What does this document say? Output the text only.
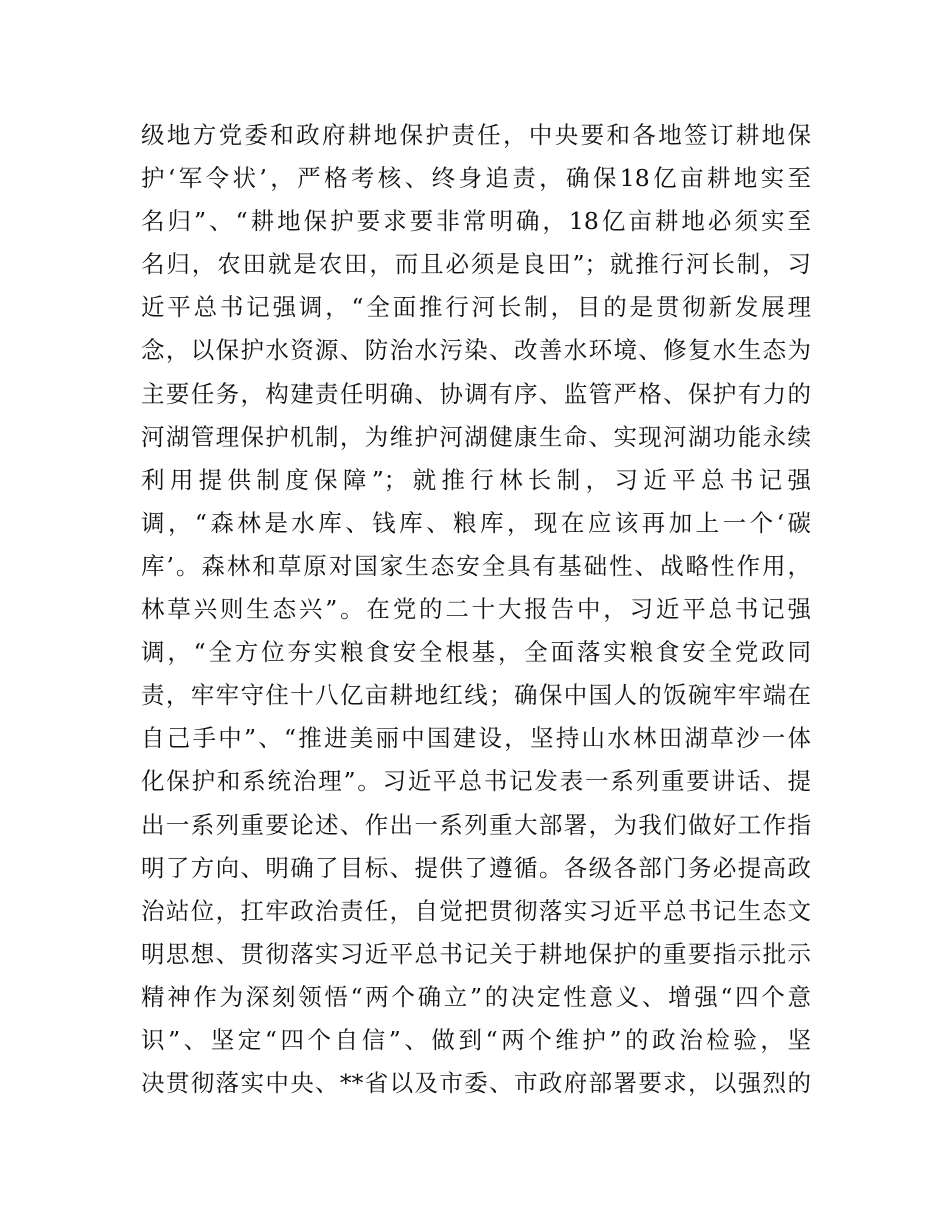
级地方党委和政府耕地保护责任，中央要和各地签订耕地保
护‘军令状’，严格考核、终身追责，确保18亿亩耕地实至
名归”、“耕地保护要求要非常明确，18亿亩耕地必须实至
名归，农田就是农田，而且必须是良田”；就推行河长制，习
近平总书记强调，“全面推行河长制，目的是贯彻新发展理
念，以保护水资源、防治水污染、改善水环境、修复水生态为
主要任务，构建责任明确、协调有序、监管严格、保护有力的
河湖管理保护机制，为维护河湖健康生命、实现河湖功能永续
利用提供制度保障”；就推行林长制，习近平总书记强
调，“森林是水库、钱库、粮库，现在应该再加上一个‘碳
库’。森林和草原对国家生态安全具有基础性、战略性作用，
林草兴则生态兴”。在党的二十大报告中，习近平总书记强
调，“全方位夯实粮食安全根基，全面落实粮食安全党政同
责，牢牢守住十八亿亩耕地红线；确保中国人的饭碗牢牢端在
自己手中”、“推进美丽中国建设，坚持山水林田湖草沙一体
化保护和系统治理”。习近平总书记发表一系列重要讲话、提
出一系列重要论述、作出一系列重大部署，为我们做好工作指
明了方向、明确了目标、提供了遵循。各级各部门务必提高政
治站位，扛牢政治责任，自觉把贯彻落实习近平总书记生态文
明思想、贯彻落实习近平总书记关于耕地保护的重要指示批示
精神作为深刻领悟“两个确立”的决定性意义、增强“四个意
识”、坚定“四个自信”、做到“两个维护”的政治检验，坚
决贯彻落实中央、**省以及市委、市政府部署要求，以强烈的
